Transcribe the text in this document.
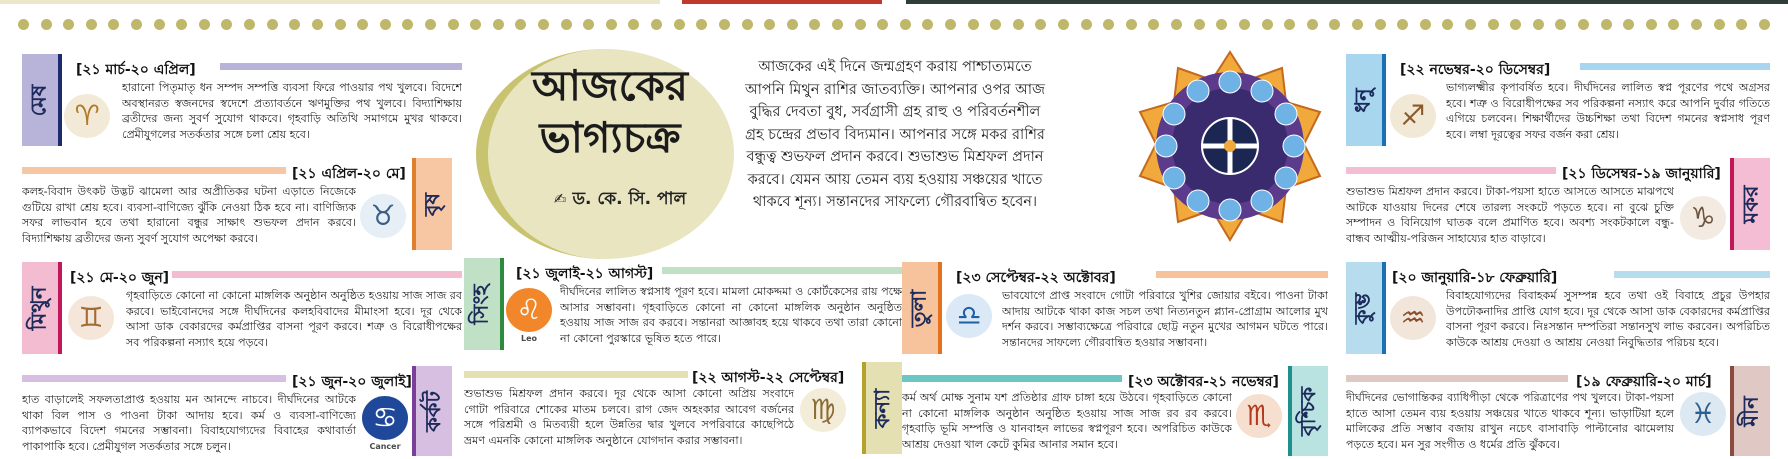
মেষ
[২১ মার্চ-২০ এপ্রিল]
♈
হারানো পিতৃমাতৃ ধন সম্পদ সম্পত্তি ব্যবসা ফিরে পাওয়ার পথ খুলবে। বিদেশে অবস্থানরত স্বজনদের স্বদেশে প্রত্যাবর্তনে ঋণমুক্তির পথ খুলবে। বিদ্যাশিক্ষায় ব্রতীদের জন্য সুবর্ণ সুযোগ থাকবে। গৃহবাড়ি অতিথি সমাগমে মুখর থাকবে। প্রেমীযুগলের সতর্কতার সঙ্গে চলা শ্রেয় হবে।
[২১ এপ্রিল-২০ মে]
বৃষ
♉
কলহ-বিবাদ উৎকট উদ্ভট ঝামেলা আর অপ্রীতিকর ঘটনা এড়াতে নিজেকে গুটিয়ে রাখা শ্রেয় হবে। ব্যবসা-বাণিজ্যে ঝুঁকি নেওয়া ঠিক হবে না। বাণিজ্যিক সফর লাভবান হবে তথা হারানো বন্ধুর সাক্ষাৎ শুভফল প্রদান করবে। বিদ্যাশিক্ষায় ব্রতীদের জন্য সুবর্ণ সুযোগ অপেক্ষা করবে।
মিথুন
[২১ মে-২০ জুন]
♊
গৃহবাড়িতে কোনো না কোনো মাঙ্গলিক অনুষ্ঠান অনুষ্ঠিত হওয়ায় সাজ সাজ রব করবে। ভাইবোনদের সঙ্গে দীর্ঘদিনের কলহবিবাদের মীমাংসা হবে। দূর থেকে আসা ডাক বেকারদের কর্মপ্রাপ্তির বাসনা পূরণ করবে। শত্রু ও বিরোধীপক্ষের সব পরিকল্পনা নস্যাৎ হয়ে পড়বে।
[২১ জুন-২০ জুলাই]
কর্কট
♋
Cancer
হাত বাড়ালেই সফলতাপ্রাপ্ত হওয়ায় মন আনন্দে নাচবে। দীর্ঘদিনের আটকে থাকা বিল পাস ও পাওনা টাকা আদায় হবে। কর্ম ও ব্যবসা-বাণিজ্যে ব্যাপকভাবে বিদেশ গমনের সম্ভাবনা। বিবাহযোগ্যদের বিবাহের কথাবার্তা পাকাপাকি হবে। প্রেমীযুগল সতর্কতার সঙ্গে চলুন।
আজকের
ভাগ্যচক্র
✍ ড. কে. সি. পাল
আজকের এই দিনে জন্মগ্রহণ করায় পাশ্চাত্যমতে আপনি মিথুন রাশির জাতব্যক্তি। আপনার ওপর আজ বুদ্ধির দেবতা বুধ, সর্বগ্রাসী গ্রহ রাহু ও পরিবর্তনশীল গ্রহ চন্দ্রের প্রভাব বিদ্যমান। আপনার সঙ্গে মকর রাশির বন্ধুত্ব শুভফল প্রদান করবে। শুভাশুভ মিশ্রফল প্রদান করবে। যেমন আয় তেমন ব্যয় হওয়ায় সঞ্চয়ের খাতে থাকবে শূন্য। সন্তানদের সাফল্যে গৌরবান্বিত হবেন।
সিংহ
[২১ জুলাই-২১ আগস্ট]
♌
Leo
দীর্ঘদিনের লালিত স্বপ্নসাধ পূরণ হবে। মামলা মোকদ্দমা ও কোর্টকেসের রায় পক্ষে আসার সম্ভাবনা। গৃহবাড়িতে কোনো না কোনো মাঙ্গলিক অনুষ্ঠান অনুষ্ঠিত হওয়ায় সাজ সাজ রব করবে। সন্তানরা আজ্ঞাবহ হয়ে থাকবে তথা তারা কোনো না কোনো পুরস্কারে ভূষিত হতে পারে।
[২২ আগস্ট-২২ সেপ্টেম্বর]
কন্যা
♍
শুভাশুভ মিশ্রফল প্রদান করবে। দূর থেকে আসা কোনো অপ্রিয় সংবাদে গোটা পরিবারে শোকের মাতম চলবে। রাগ জেদ অহংকার আবেগ বর্জনের সঙ্গে পরিশ্রমী ও মিতব্যয়ী হলে উন্নতির দ্বার খুলবে সপরিবারে কাছেপিঠে ভ্রমণ এমনকি কোনো মাঙ্গলিক অনুষ্ঠানে যোগদান করার সম্ভাবনা।
তুলা
[২৩ সেপ্টেম্বর-২২ অক্টোবর]
♎
ভাবযোগে প্রাপ্ত সংবাদে গোটা পরিবারে খুশির জোয়ার বইবে। পাওনা টাকা আদায় আটকে থাকা কাজ সচল তথা নিত্যনতুন প্ল্যান-প্রোগ্রাম আলোর মুখ দর্শন করবে। সম্ভাব্যক্ষেত্রে পরিবারে ছোট্ট নতুন মুখের আগমন ঘটতে পারে। সন্তানদের সাফল্যে গৌরবান্বিত হওয়ার সম্ভাবনা।
[২৩ অক্টোবর-২১ নভেম্বর]
বৃশ্চিক
♏
কর্ম অর্থ মোক্ষ সুনাম যশ প্রতিষ্ঠার গ্রাফ চাঙ্গা হয়ে উঠবে। গৃহবাড়িতে কোনো না কোনো মাঙ্গলিক অনুষ্ঠান অনুষ্ঠিত হওয়ায় সাজ সাজ রব রব করবে। গৃহবাড়ি ভূমি সম্পত্তি ও যানবাহন লাভের স্বপ্নপূরণ হবে। অপরিচিত কাউকে আশ্রয় দেওয়া খাল কেটে কুমির আনার সমান হবে।
ধনু
[২২ নভেম্বর-২০ ডিসেম্বর]
♐
ভাগ্যলক্ষ্মীর কৃপাবর্ষিত হবে। দীর্ঘদিনের লালিত স্বপ্ন পূরণের পথে অগ্রসর হবে। শত্রু ও বিরোধীপক্ষের সব পরিকল্পনা নস্যাৎ করে আপনি দুর্বার গতিতে এগিয়ে চলবেন। শিক্ষার্থীদের উচ্চশিক্ষা তথা বিদেশ গমনের স্বপ্নসাধ পূরণ হবে। লম্বা দূরত্বের সফর বর্জন করা শ্রেয়।
[২১ ডিসেম্বর-১৯ জানুয়ারি]
মকর
♑
শুভাশুভ মিশ্রফল প্রদান করবে। টাকা-পয়সা হাতে আসতে আসতে মাঝপথে আটকে যাওয়ায় দিনের শেষে তারল্য সংকটে পড়তে হবে। না বুঝে চুক্তি সম্পাদন ও বিনিয়োগ ঘাতক বলে প্রমাণিত হবে। অবশ্য সংকটকালে বন্ধু-বান্ধব আত্মীয়-পরিজন সাহায্যের হাত বাড়াবে।
কুম্ভ
[২০ জানুয়ারি-১৮ ফেব্রুয়ারি]
♒
বিবাহযোগ্যদের বিবাহকর্ম সুসম্পন্ন হবে তথা ওই বিবাহে প্রচুর উপহার উপঢৌকনাদির প্রাপ্তি যোগ হবে। দূর থেকে আসা ডাক বেকারদের কর্মপ্রাপ্তির বাসনা পূরণ করবে। নিঃসন্তান দম্পতিরা সন্তানসুখ লাভ করবেন। অপরিচিত কাউকে আশ্রয় দেওয়া ও আশ্রয় নেওয়া নিবুদ্ধিতার পরিচয় হবে।
[১৯ ফেব্রুয়ারি-২০ মার্চ]
মীন
♓
দীর্ঘদিনের ভোগান্তিকর ব্যাধিপীড়া থেকে পরিত্রাণের পথ খুলবে। টাকা-পয়সা হাতে আসা তেমন ব্যয় হওয়ায় সঞ্চয়ের খাতে থাকবে শূন্য। ভাড়াটিয়া হলে মালিকের প্রতি সম্ভাব বজায় রাখুন নচেৎ বাসাবাড়ি পাল্টানোর ঝামেলায় পড়তে হবে। মন সুর সংগীত ও ধর্মের প্রতি ঝুঁকবে।
